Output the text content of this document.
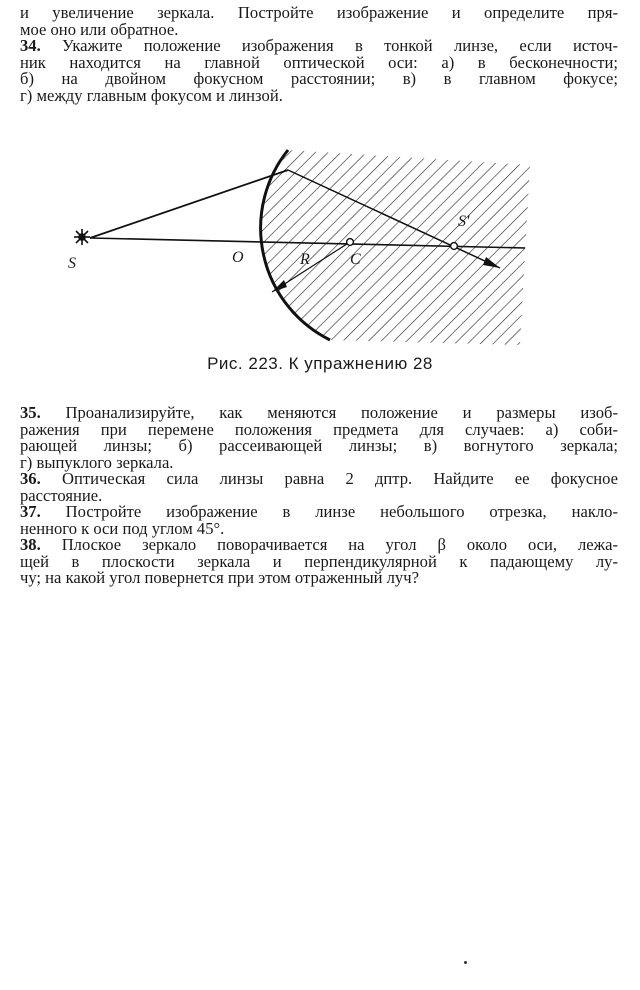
и увеличение зеркала. Постройте изображение и определите пря-
мое оно или обратное.
34. Укажите положение изображения в тонкой линзе, если источ-
ник находится на главной оптической оси: а) в бесконечности;
б) на двойном фокусном расстоянии; в) в главном фокусе;
г) между главным фокусом и линзой.
S	O	R	C
S′
Рис. 223. К упражнению 28
35. Проанализируйте, как меняются положение и размеры изоб-
ражения при перемене положения предмета для случаев: а) соби-
рающей линзы; б) рассеивающей линзы; в) вогнутого зеркала;
г) выпуклого зеркала.
36. Оптическая сила линзы равна 2 дптр. Найдите ее фокусное
расстояние.
37. Постройте изображение в линзе небольшого отрезка, накло-
ненного к оси под углом 45°.
38. Плоское зеркало поворачивается на угол β около оси, лежа-
щей в плоскости зеркала и перпендикулярной к падающему лу-
чу; на какой угол повернется при этом отраженный луч?
